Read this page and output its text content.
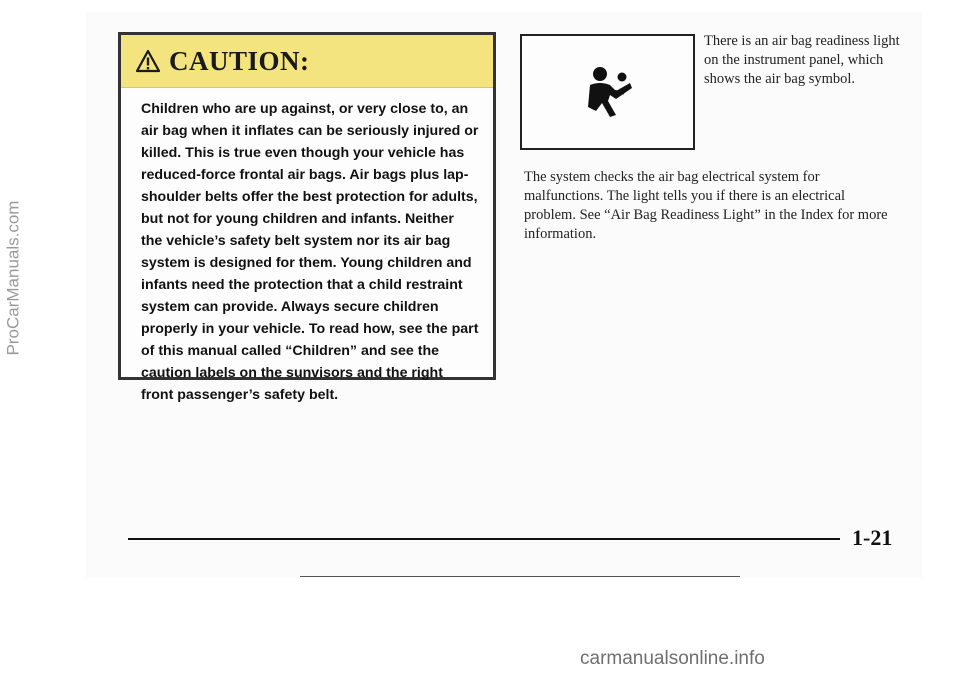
ProCarManuals.com
CAUTION:
Children who are up against, or very close to, an air bag when it inflates can be seriously injured or killed. This is true even though your vehicle has reduced-force frontal air bags. Air bags plus lap-shoulder belts offer the best protection for adults, but not for young children and infants. Neither the vehicle’s safety belt system nor its air bag system is designed for them. Young children and infants need the protection that a child restraint system can provide. Always secure children properly in your vehicle. To read how, see the part of this manual called “Children” and see the caution labels on the sunvisors and the right front passenger’s safety belt.
There is an air bag readiness light on the instrument panel, which shows the air bag symbol.
The system checks the air bag electrical system for malfunctions. The light tells you if there is an electrical problem. See “Air Bag Readiness Light” in the Index for more information.
1-21
carmanualsonline.info
